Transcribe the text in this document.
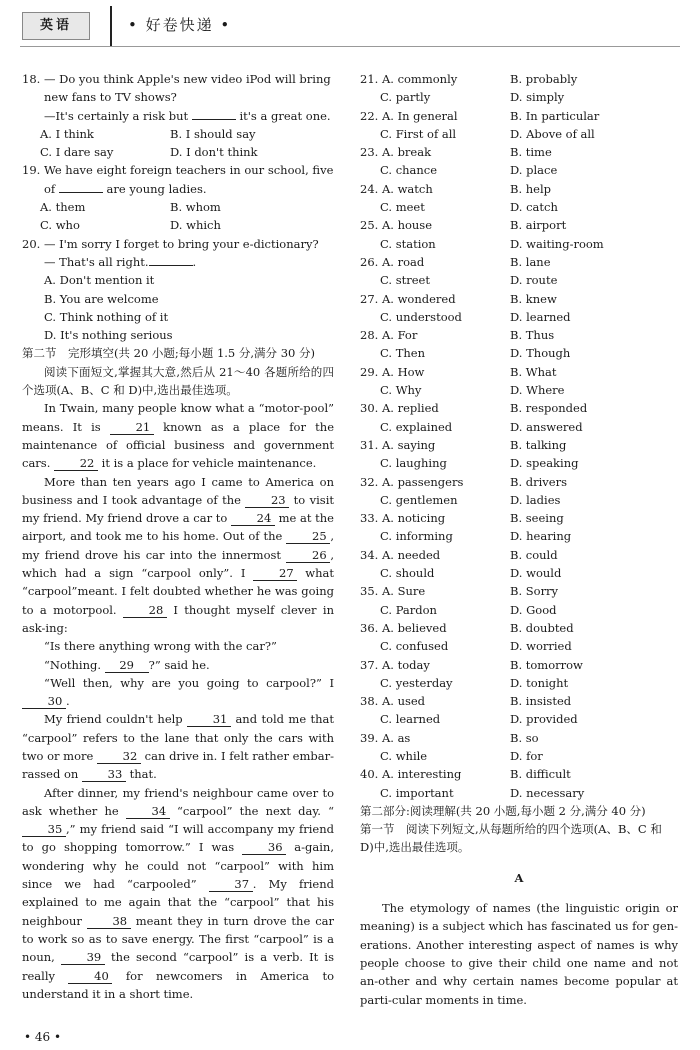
英语	• 好卷快递 •

18. — Do you think Apple's new video iPod will bring

new fans to TV shows?

—It's certainly a risk but	it's a great one.

A. I think	B. I should say
C. I dare say	D. I don't think

19. We have eight foreign teachers in our school, five

of	are young ladies.

A. them	B. whom
C. who	D. which

20. — I'm sorry I forget to bring your e-dictionary?

— That's all right.	.

A. Don't mention it

B. You are welcome

C. Think nothing of it

D. It's nothing serious

第二节　完形填空(共 20 小题;每小题 1.5 分,满分 30 分)

阅读下面短文,掌握其大意,然后从 21～40 各题所给的四个选项(A、B、C 和 D)中,选出最佳选项。

In Twain, many people know what a “motor-pool” means. It is 21 known as a place for the maintenance of official business and government cars. 22 it is a place for vehicle maintenance.

More than ten years ago I came to America on business and I took advantage of the 23 to visit my friend. My friend drove a car to 24 me at the airport, and took me to his home. Out of the 25 , my friend drove his car into the innermost 26 , which had a sign “carpool only”. I 27 what “carpool”meant. I felt doubted whether he was going to a motorpool. 28 I thought myself clever in ask-ing:

“Is there anything wrong with the car?”

“Nothing. 29 ?” said he.

“Well then, why are you going to carpool?” I 30 .

My friend couldn't help 31 and told me that “carpool” refers to the lane that only the cars with two or more 32 can drive in. I felt rather embar-rassed on 33 that.

After dinner, my friend's neighbour came over to ask whether he 34 “carpool” the next day. “35 ,” my friend said “I will accompany my friend to go shopping tomorrow.” I was 36 a-gain, wondering why he could not “carpool” with him since we had “carpooled” 37 . My friend explained to me again that the “carpool” that his neighbour 38 meant they in turn drove the car to work so as to save energy. The first “carpool” is a noun, 39 the second “carpool” is a verb. It is really 40 for newcomers in America to understand it in a short time.

21. A. commonly	B. probably
C. partly	D. simply
22. A. In general	B. In particular
C. First of all	D. Above of all
23. A. break	B. time
C. chance	D. place
24. A. watch	B. help
C. meet	D. catch
25. A. house	B. airport
C. station	D. waiting-room
26. A. road	B. lane
C. street	D. route
27. A. wondered	B. knew
C. understood	D. learned
28. A. For	B. Thus
C. Then	D. Though
29. A. How	B. What
C. Why	D. Where
30. A. replied	B. responded
C. explained	D. answered
31. A. saying	B. talking
C. laughing	D. speaking
32. A. passengers	B. drivers
C. gentlemen	D. ladies
33. A. noticing	B. seeing
C. informing	D. hearing
34. A. needed	B. could
C. should	D. would
35. A. Sure	B. Sorry
C. Pardon	D. Good
36. A. believed	B. doubted
C. confused	D. worried
37. A. today	B. tomorrow
C. yesterday	D. tonight
38. A. used	B. insisted
C. learned	D. provided
39. A. as	B. so
C. while	D. for
40. A. interesting	B. difficult
C. important	D. necessary

第二部分:阅读理解(共 20 小题,每小题 2 分,满分 40 分)

第一节　阅读下列短文,从每题所给的四个选项(A、B、C 和 D)中,选出最佳选项。

A

The etymology of names (the linguistic origin or meaning) is a subject which has fascinated us for gen-erations. Another interesting aspect of names is why people choose to give their child one name and not an-other and why certain names become popular at parti-cular moments in time.

• 46 •
